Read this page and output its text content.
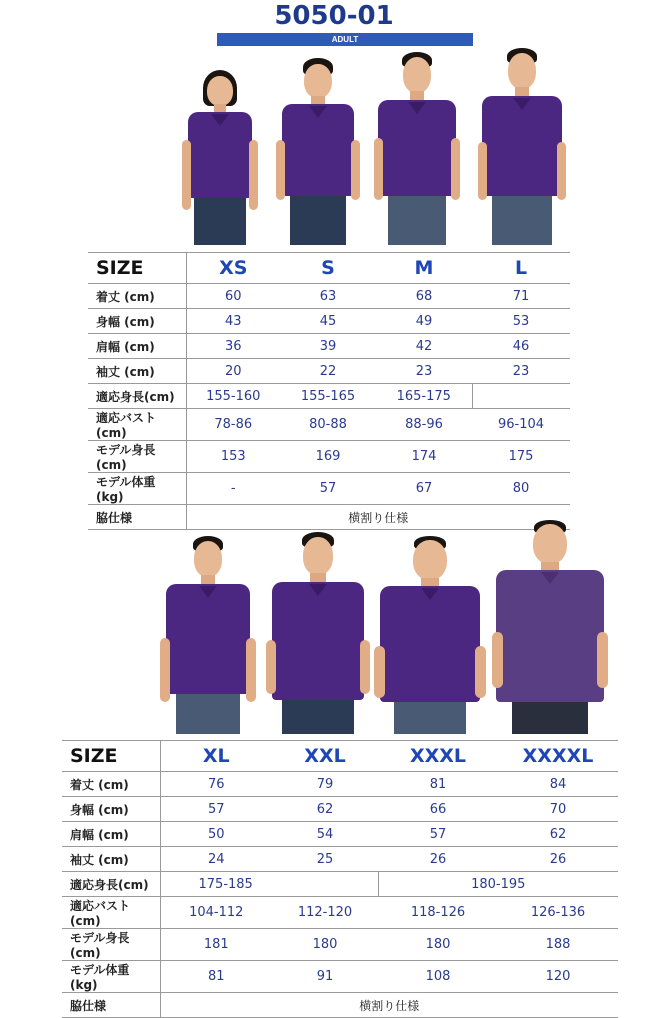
5050-01
ADULT
SIZE	XS	S	M	L
着丈 (cm)	60	63	68	71
身幅 (cm)	43	45	49	53
肩幅 (cm)	36	39	42	46
袖丈 (cm)	20	22	23	23
適応身長(cm)	155-160	155-165	165-175	
適応バスト (cm)	78-86	80-88	88-96	96-104
モデル身長(cm)	153	169	174	175
モデル体重 (kg)	-	57	67	80
脇仕様	横割り仕様			
SIZE	XL	XXL	XXXL	XXXXL
着丈 (cm)	76	79	81	84
身幅 (cm)	57	62	66	70
肩幅 (cm)	50	54	57	62
袖丈 (cm)	24	25	26	26
適応身長(cm)	175-185		180-195	
適応バスト (cm)	104-112	112-120	118-126	126-136
モデル身長(cm)	181	180	180	188
モデル体重 (kg)	81	91	108	120
脇仕様	横割り仕様			
